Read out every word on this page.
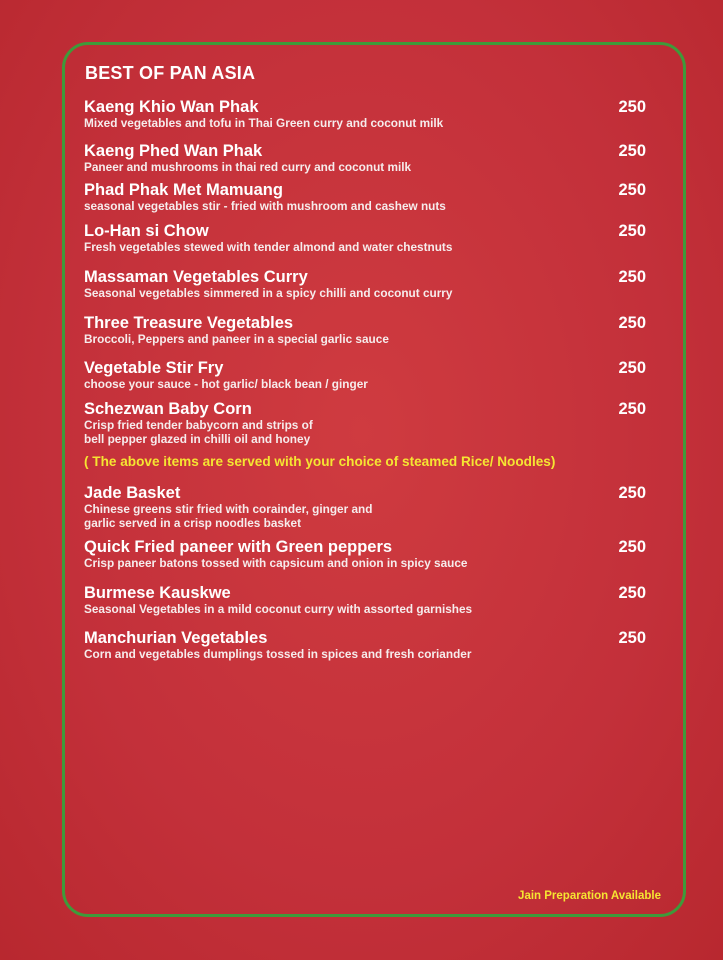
BEST OF PAN ASIA
Kaeng Khio Wan Phak
Mixed vegetables and tofu in Thai Green curry and coconut milk
250
Kaeng Phed Wan Phak
Paneer and mushrooms in thai red curry and coconut milk
250
Phad Phak Met Mamuang
seasonal vegetables stir - fried with mushroom and cashew nuts
250
Lo-Han si Chow
Fresh vegetables stewed with tender almond and water chestnuts
250
Massaman Vegetables Curry
Seasonal vegetables simmered in a spicy chilli and coconut curry
250
Three Treasure Vegetables
Broccoli, Peppers and paneer in a special garlic sauce
250
Vegetable Stir Fry
choose your sauce - hot garlic/ black bean / ginger
250
Schezwan Baby Corn
Crisp fried tender babycorn and strips of
bell pepper glazed in chilli oil and honey
250
( The above items are served with your choice of steamed Rice/ Noodles)
Jade Basket
Chinese greens stir fried with corainder, ginger and
garlic served in a crisp noodles basket
250
Quick Fried paneer with Green peppers
Crisp paneer batons tossed with capsicum and onion in spicy sauce
250
Burmese Kauskwe
Seasonal Vegetables in a mild coconut curry with assorted garnishes
250
Manchurian Vegetables
Corn and vegetables dumplings tossed in spices and fresh coriander
250
Jain Preparation Available
